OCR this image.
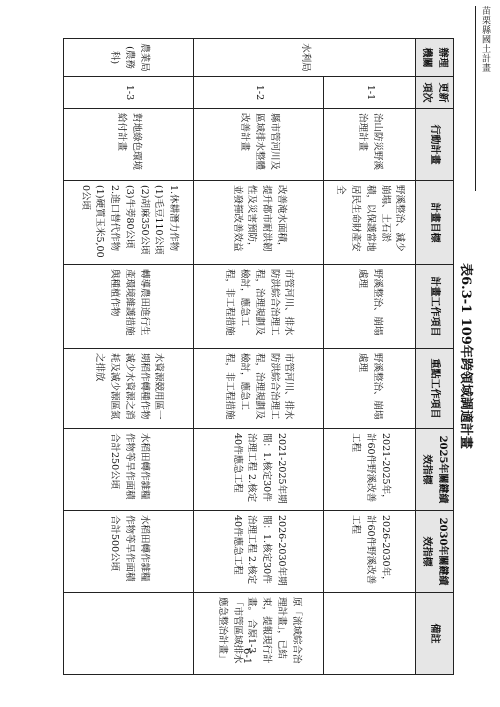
苗栗縣國土計畫
表6.3-1 109年跨領域調適計畫
辦理機關	更新項次	行動計畫	計畫目標	計畫工作項目	重點工作項目	2025年關鍵績效指標	2030年關鍵績效指標	備註
水利局	1-1	治山防災野溪治理計畫	野溪整治、減少崩塌、土石淤積，以保護當地居民生命財產安全	野溪整治、崩塌處理	野溪整治、崩塌處理	2021-2025年，計60件野溪改善工程	2026-2030年，計60件野溪改善工程	
	1-2	縣市管河川及區域排水整體改善計畫	改善淹水面積，提升都市耐洪韌性及災害預防，並發揮改善效益	市管河川、排水防洪綜合治理工程，治理規劃及檢討，應急工程，非工程措施	市管河川、排水防洪綜合治理工程，治理規劃及檢討，應急工程，非工程措施	2021-2025年期間：1.核定30件治理工程 2.核定40件應急工程	2026-2030年期間：1.核定30件治理工程 2.核定40件應急工程	原「流域綜合治理計畫」，已結束，提報現行計畫。 合原1-3「市管區域排水應急整治計畫」
農業局(農務科)	1-3	對地綠色環境給付計畫	1.休耕潛力作物 (1)毛豆110公頃 (2)胡麻350公頃 (3)牛蒡80公頃 2.進口替代作物 (1)硬質玉米5,000公頃	轉導農田進行生產環境維護措施與種植作物	水資源競用區一期稻作轉種作物減少水資源之消耗及減少源區氮之排放	水稻田轉作雜糧作物等旱作面積合計250公頃	水稻田轉作雜糧作物等旱作面積合計500公頃	
6-1
